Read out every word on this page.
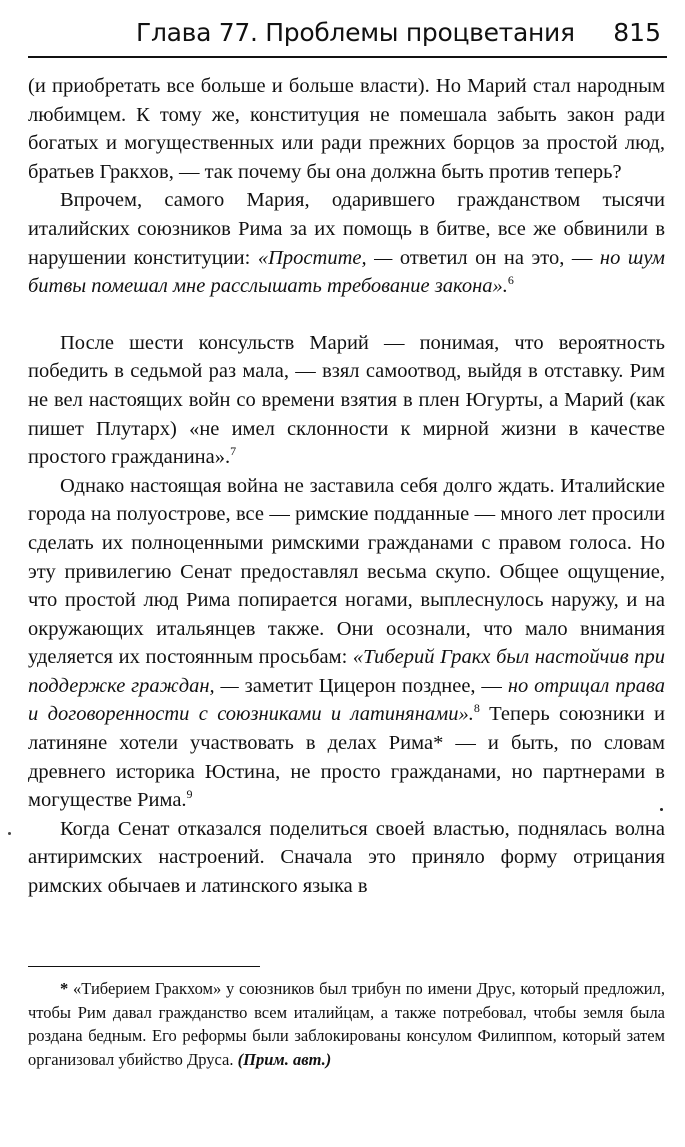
Глава 77. Проблемы процветания 815

(и приобретать все больше и больше власти). Но Марий стал народным любимцем. К тому же, конституция не помешала забыть закон ради богатых и могущественных или ради прежних борцов за простой люд, братьев Гракхов, — так почему бы она должна быть против теперь?

Впрочем, самого Мария, одарившего гражданством тысячи италийских союзников Рима за их помощь в битве, все же обвинили в нарушении конституции: «Простите, — ответил он на это, — но шум битвы помешал мне расслышать требование закона».$^6$

После шести консульств Марий — понимая, что вероятность победить в седьмой раз мала, — взял самоотвод, выйдя в отставку. Рим не вел настоящих войн со времени взятия в плен Югурты, а Марий (как пишет Плутарх) «не имел склонности к мирной жизни в качестве простого гражданина».$^7$

Однако настоящая война не заставила себя долго ждать. Италийские города на полуострове, все — римские подданные — много лет просили сделать их полноценными римскими гражданами с правом голоса. Но эту привилегию Сенат предоставлял весьма скупо. Общее ощущение, что простой люд Рима попирается ногами, выплеснулось наружу, и на окружающих итальянцев также. Они осознали, что мало внимания уделяется их постоянным просьбам: «Тиберий Гракх был настойчив при поддержке граждан, — заметит Цицерон позднее, — но отрицал права и договоренности с союзниками и латинянами».$^8$ Теперь союзники и латиняне хотели участвовать в делах Рима* — и быть, по словам древнего историка Юстина, не просто гражданами, но партнерами в могуществе Рима.$^9$

Когда Сенат отказался поделиться своей властью, поднялась волна антиримских настроений. Сначала это приняло форму отрицания римских обычаев и латинского языка в

* «Тиберием Гракхом» у союзников был трибун по имени Друс, который предложил, чтобы Рим давал гражданство всем италийцам, а также потребовал, чтобы земля была роздана бедным. Его реформы были заблокированы консулом Филиппом, который затем организовал убийство Друса. (Прим. авт.)
